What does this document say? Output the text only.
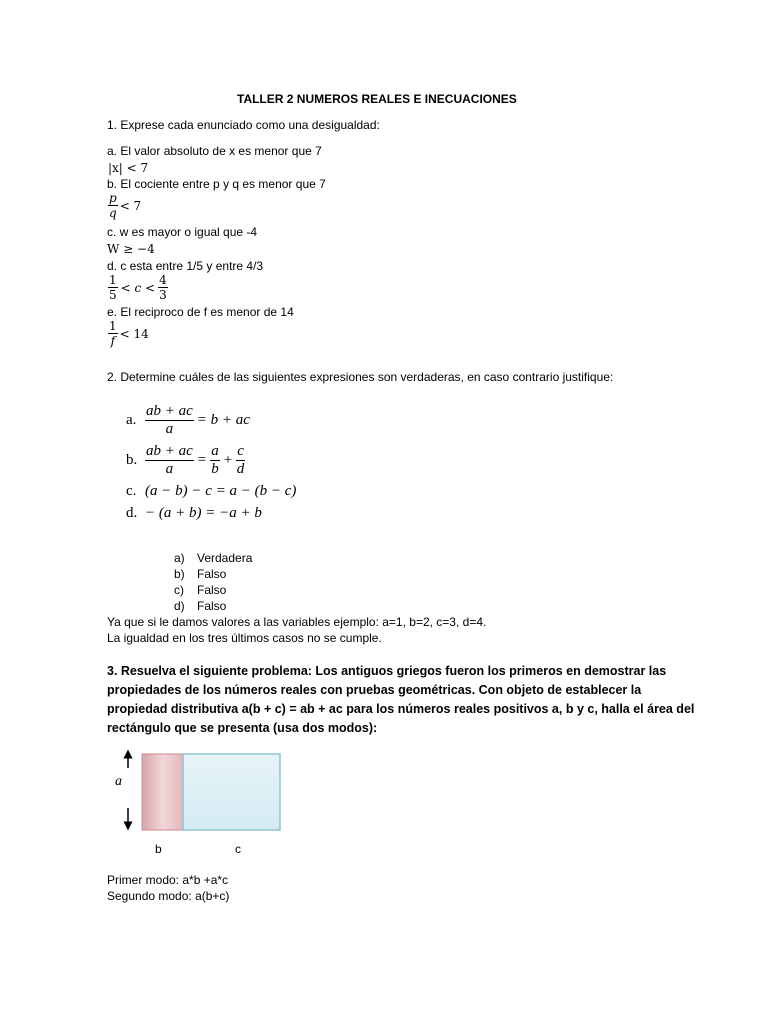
TALLER 2 NUMEROS REALES E INECUACIONES
1. Exprese cada enunciado como una desigualdad:
a. El valor absoluto de x es menor que 7
|x| < 7
b. El cociente entre p y q es menor que 7
$\frac{p}{q} < 7$
c. w es mayor o igual que -4
W ≥ −4
d. c esta entre 1/5 y entre 4/3
$\frac{1}{5} < c < \frac{4}{3}$
e. El reciproco de f es menor de 14
$\frac{1}{f} < 14$
2. Determine cuáles de las siguientes expresiones son verdaderas, en caso contrario justifique:
a. $\frac{ab + ac}{a} = b$ + ac
b. $\frac{ab + ac}{a} = \frac{a}{b} + \frac{c}{d}$
c. (a − b) − c = a − (b − c)
d. − (a + b) = −a + b
a) Verdadera
b) Falso
c) Falso
d) Falso
Ya que si le damos valores a las variables ejemplo: a=1, b=2, c=3, d=4.
La igualdad en los tres últimos casos no se cumple.
3. Resuelva el siguiente problema: Los antiguos griegos fueron los primeros en demostrar las
propiedades de los números reales con pruebas geométricas. Con objeto de establecer la
propiedad distributiva a(b + c) = ab + ac para los números reales positivos a, b y c, halla el área del
rectángulo que se presenta (usa dos modos):
a
b	c
Primer modo: a*b +a*c
Segundo modo: a(b+c)
